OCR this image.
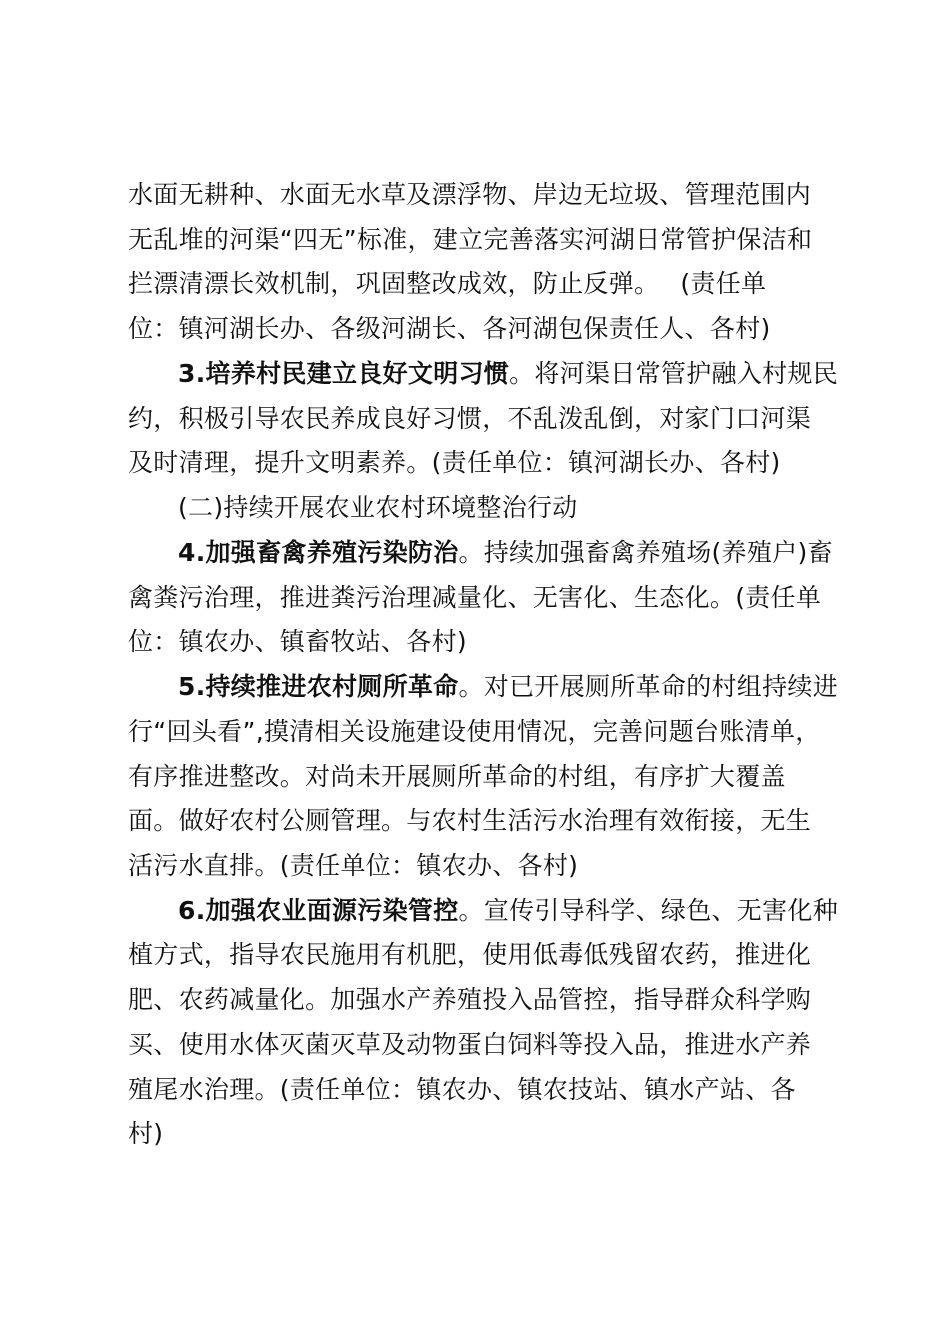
水面无耕种、水面无水草及漂浮物、岸边无垃圾、管理范围内
无乱堆的河渠“四无”标准，建立完善落实河湖日常管护保洁和
拦漂清漂长效机制，巩固整改成效，防止反弹。　 (责任单
位：镇河湖长办、各级河湖长、各河湖包保责任人、各村)
3.培养村民建立良好文明习惯。将河渠日常管护融入村规民
约，积极引导农民养成良好习惯，不乱泼乱倒，对家门口河渠
及时清理，提升文明素养。(责任单位：镇河湖长办、各村)
(二)持续开展农业农村环境整治行动
4.加强畜禽养殖污染防治。持续加强畜禽养殖场(养殖户)畜
禽粪污治理，推进粪污治理减量化、无害化、生态化。(责任单
位：镇农办、镇畜牧站、各村)
5.持续推进农村厕所革命。对已开展厕所革命的村组持续进
行“回头看”,摸清相关设施建设使用情况，完善问题台账清单，
有序推进整改。对尚未开展厕所革命的村组，有序扩大覆盖
面。做好农村公厕管理。与农村生活污水治理有效衔接，无生
活污水直排。(责任单位：镇农办、各村)
6.加强农业面源污染管控。宣传引导科学、绿色、无害化种
植方式，指导农民施用有机肥，使用低毒低残留农药，推进化
肥、农药减量化。加强水产养殖投入品管控，指导群众科学购
买、使用水体灭菌灭草及动物蛋白饲料等投入品，推进水产养
殖尾水治理。(责任单位：镇农办、镇农技站、镇水产站、各
村)
